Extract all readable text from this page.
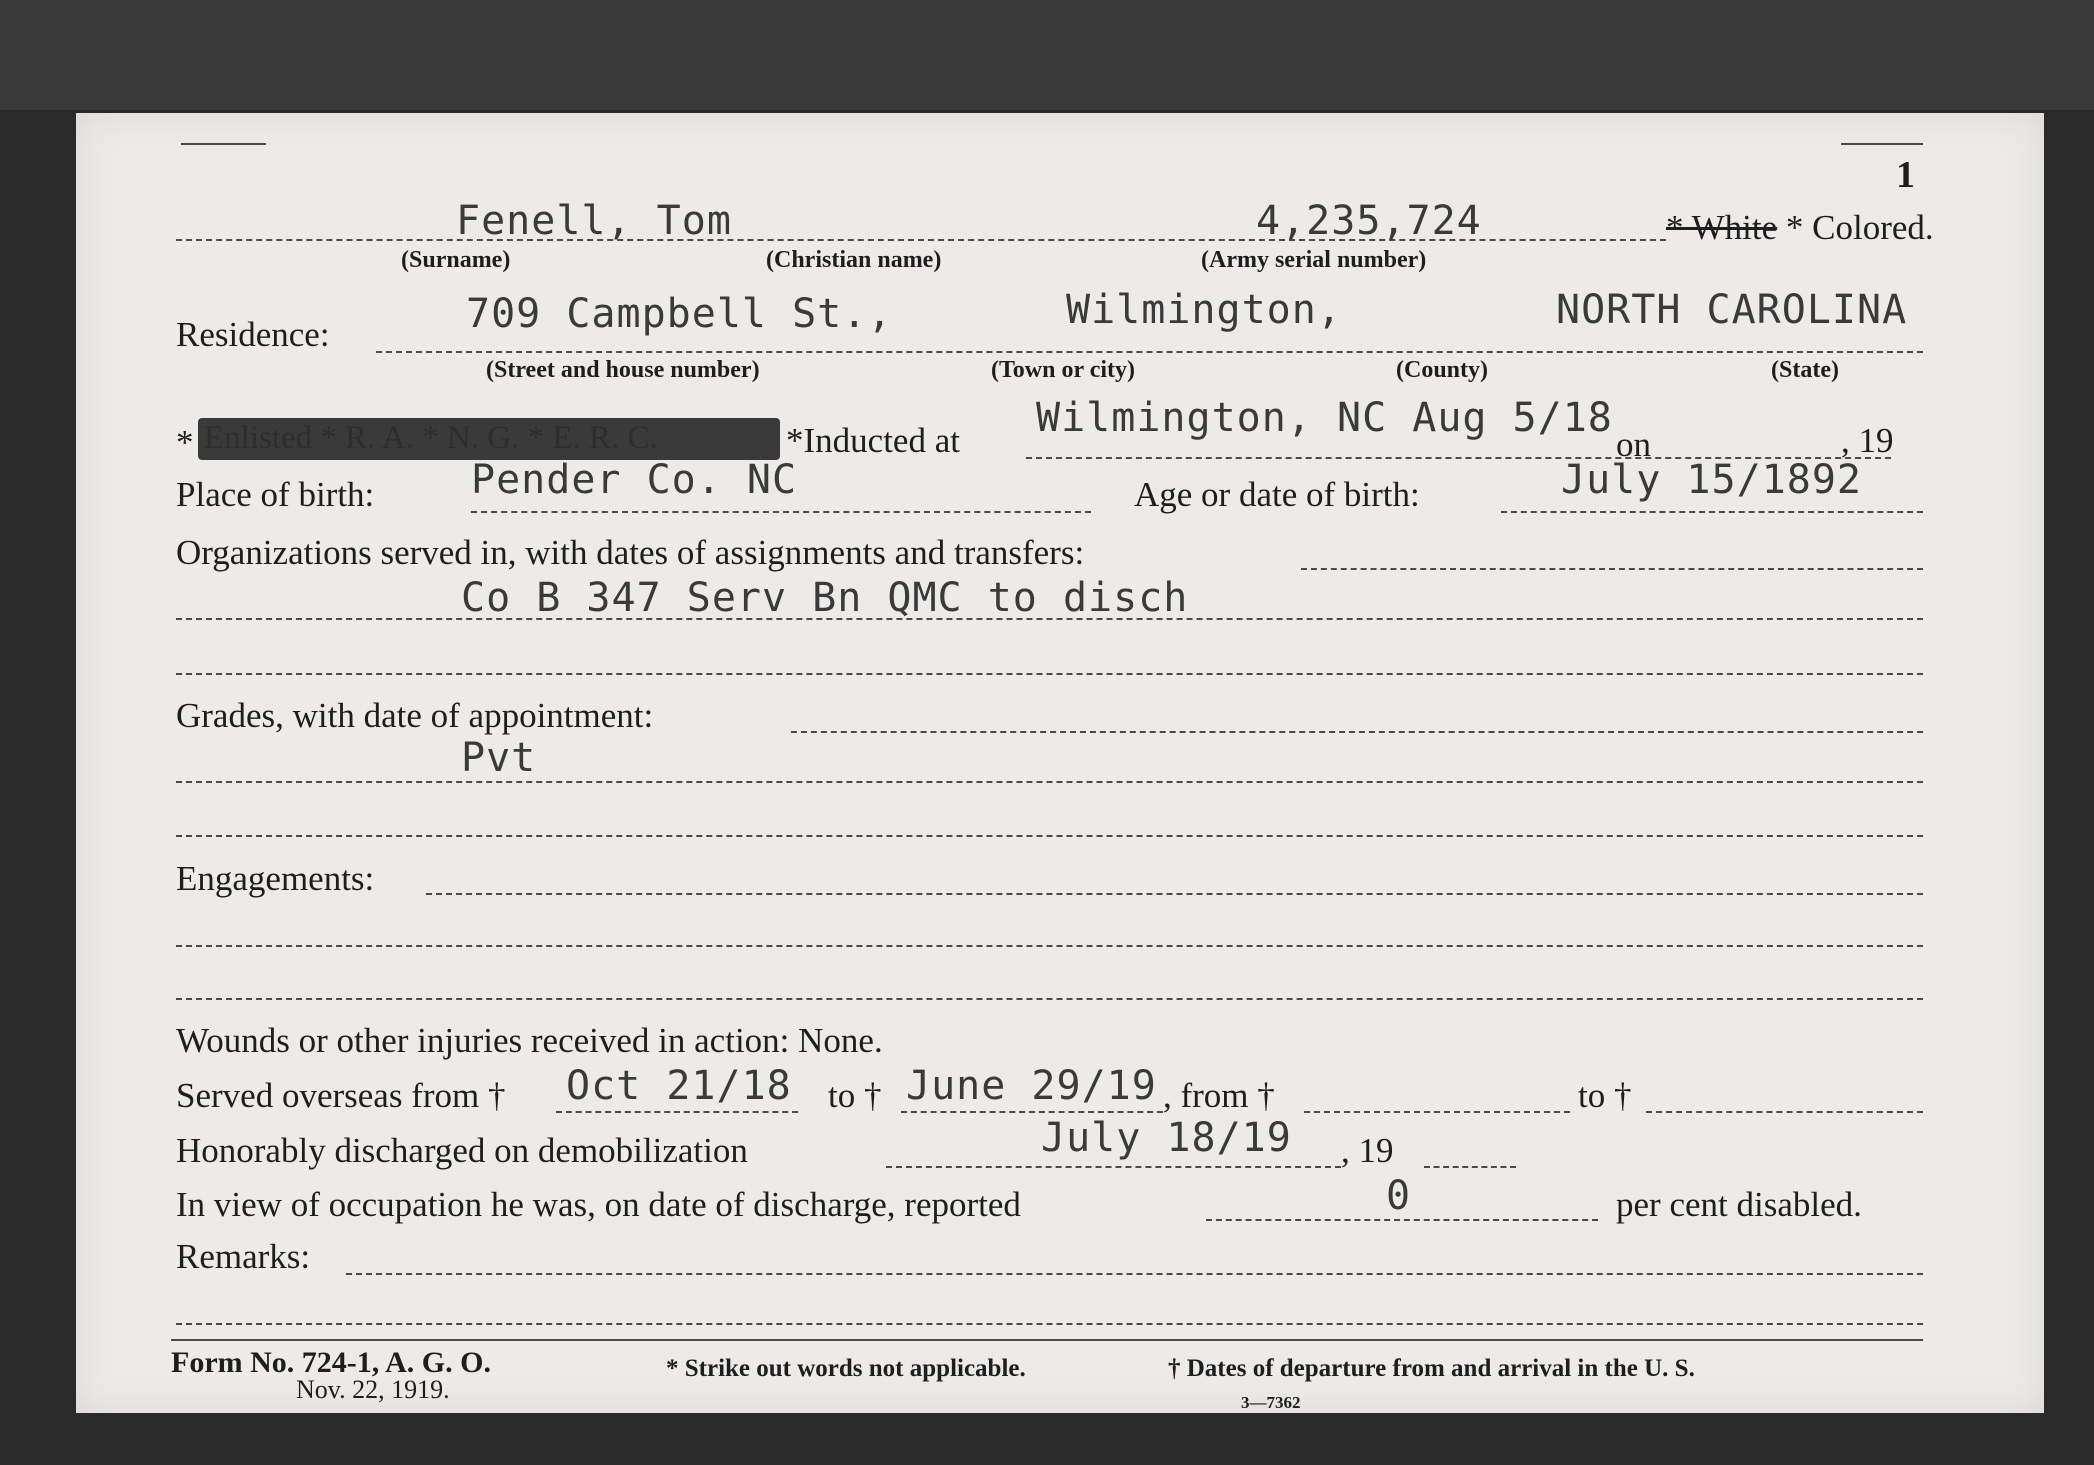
1
Fenell, Tom	4,235,724	* White * Colored.
(Surname)	(Christian name)	(Army serial number)
Residence:	709 Campbell St.,	Wilmington,	NORTH CAROLINA
(Street and house number)	(Town or city)	(County)	(State)
* Enlisted * R. A. * N. G. * E. R. C.	*Inducted at Wilmington, NC Aug 5/18
on	, 19
Place of birth: Pender Co. NC	Age or date of birth:	July 15/1892
Organizations served in, with dates of assignments and transfers:
Co B 347 Serv Bn QMC to disch
Grades, with date of appointment:
Pvt
Engagements:
Wounds or other injuries received in action: None.
Served overseas from † Oct 21/18 to † June 29/19 , from †	to †
Honorably discharged on demobilization	July 18/19 , 19
In view of occupation he was, on date of discharge, reported	0	per cent disabled.
Remarks:
Form No. 724-1, A. G. O.
Nov. 22, 1919.
* Strike out words not applicable.	† Dates of departure from and arrival in the U. S.
3—7362
